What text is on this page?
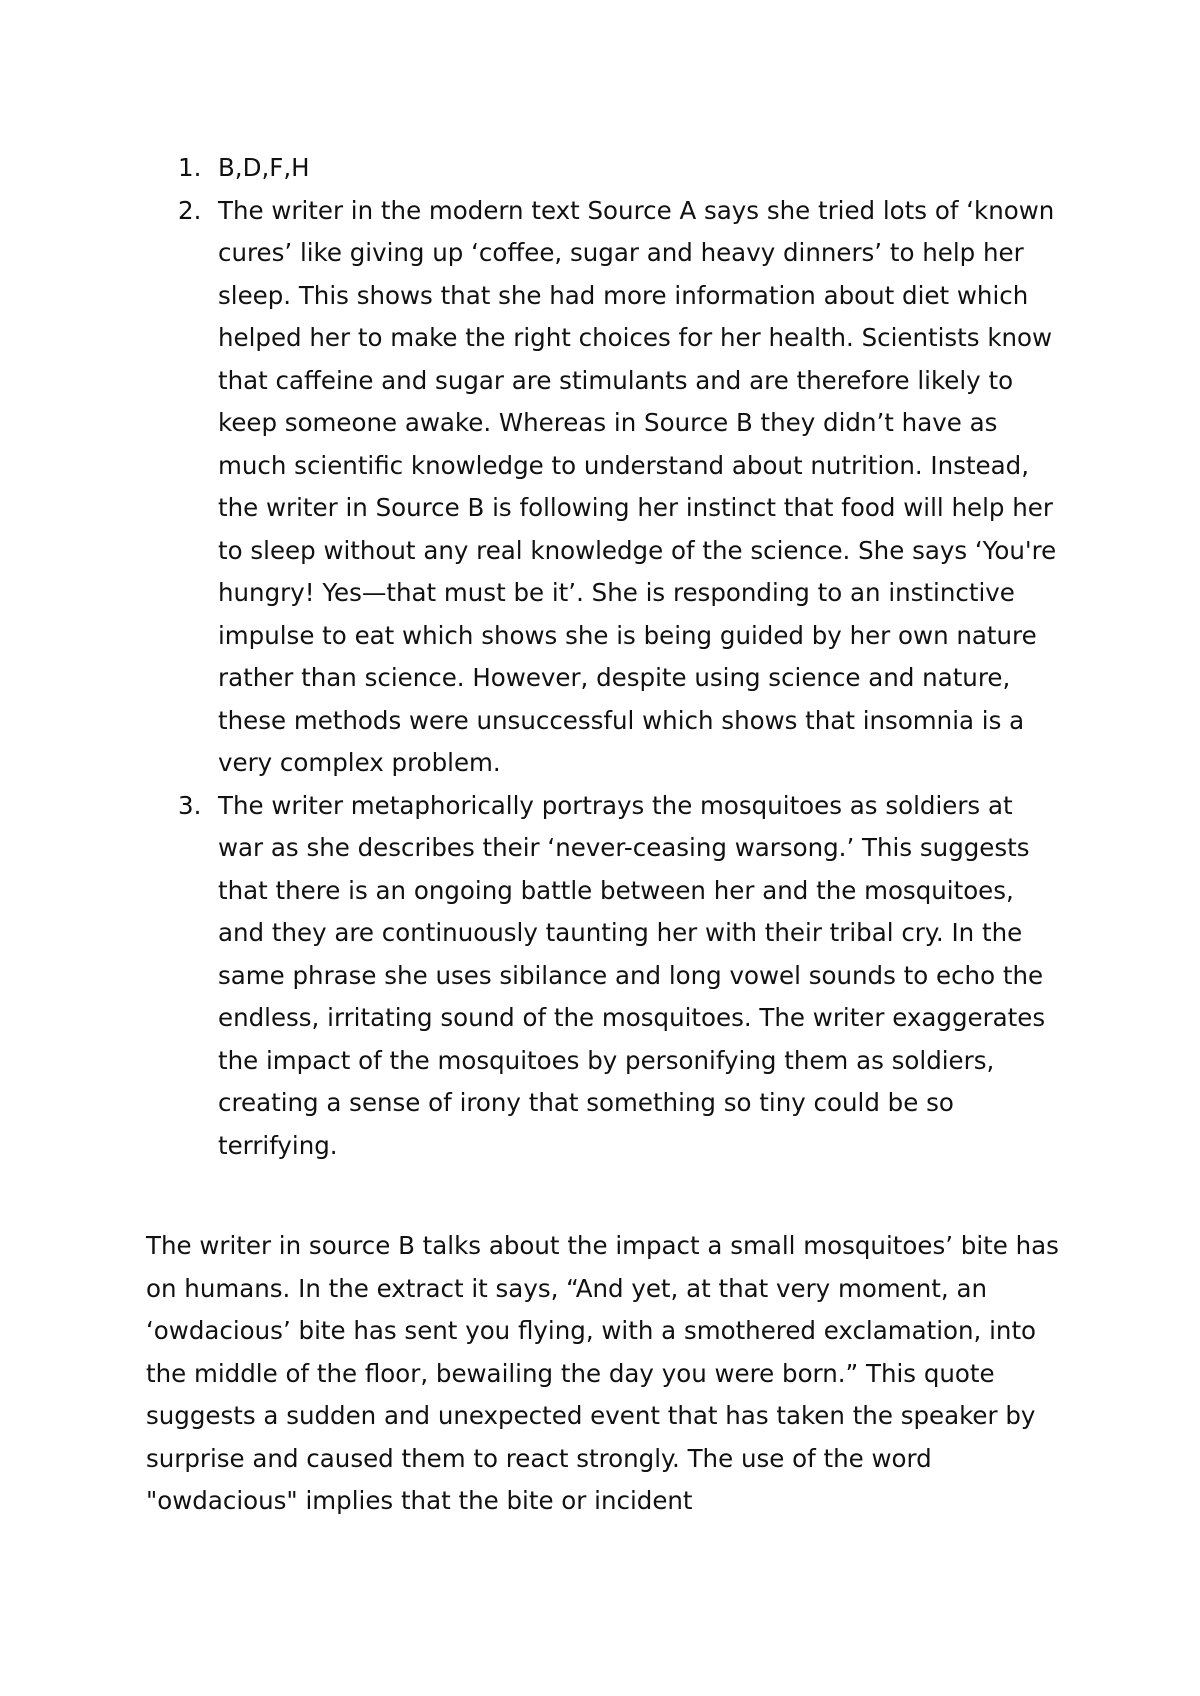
1. B,D,F,H
2. The writer in the modern text Source A says she tried lots of ‘known cures’ like giving up ‘coffee, sugar and heavy dinners’ to help her sleep. This shows that she had more information about diet which helped her to make the right choices for her health. Scientists know that caffeine and sugar are stimulants and are therefore likely to keep someone awake. Whereas in Source B they didn’t have as much scientific knowledge to understand about nutrition. Instead, the writer in Source B is following her instinct that food will help her to sleep without any real knowledge of the science. She says ‘You're hungry! Yes—that must be it’. She is responding to an instinctive impulse to eat which shows she is being guided by her own nature rather than science. However, despite using science and nature, these methods were unsuccessful which shows that insomnia is a very complex problem.
3. The writer metaphorically portrays the mosquitoes as soldiers at war as she describes their ‘never-ceasing warsong.’ This suggests that there is an ongoing battle between her and the mosquitoes, and they are continuously taunting her with their tribal cry. In the same phrase she uses sibilance and long vowel sounds to echo the endless, irritating sound of the mosquitoes. The writer exaggerates the impact of the mosquitoes by personifying them as soldiers, creating a sense of irony that something so tiny could be so terrifying.

The writer in source B talks about the impact a small mosquitoes’ bite has on humans. In the extract it says, “And yet, at that very moment, an ‘owdacious’ bite has sent you flying, with a smothered exclamation, into the middle of the floor, bewailing the day you were born.” This quote suggests a sudden and unexpected event that has taken the speaker by surprise and caused them to react strongly. The use of the word "owdacious" implies that the bite or incident
